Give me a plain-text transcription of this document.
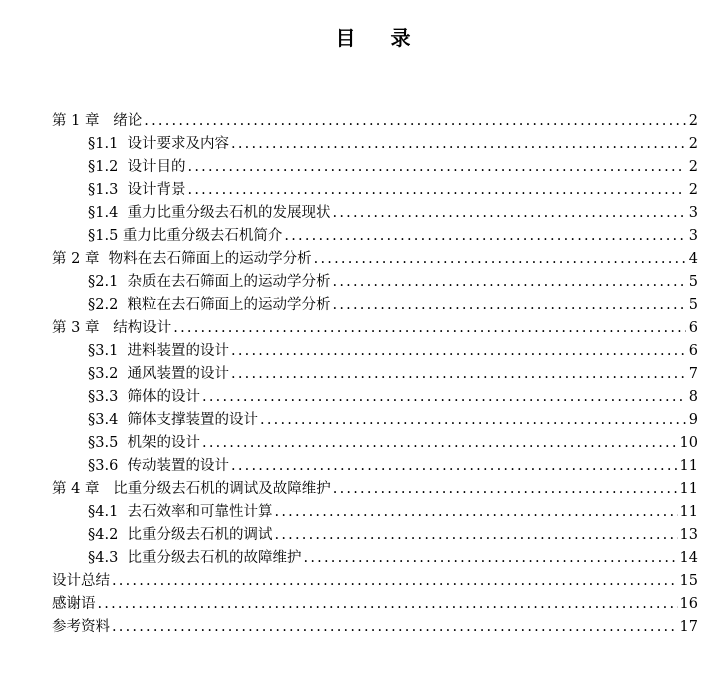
目 录
第 1 章   绪论 .....	2
§1.1  设计要求及内容 .....	2
§1.2  设计目的 .....	2
§1.3  设计背景 .....	2
§1.4  重力比重分级去石机的发展现状 .....	3
§1.5 重力比重分级去石机简介 .....	3
第 2 章  物料在去石筛面上的运动学分析 .....	4
§2.1  杂质在去石筛面上的运动学分析 .....	5
§2.2  粮粒在去石筛面上的运动学分析 .....	5
第 3 章   结构设计 .....	6
§3.1  进料装置的设计 .....	6
§3.2  通风装置的设计 .....	7
§3.3  筛体的设计 .....	8
§3.4  筛体支撑装置的设计 .....	9
§3.5  机架的设计 .....	10
§3.6  传动装置的设计 .....	11
第 4 章   比重分级去石机的调试及故障维护 .....	11
§4.1  去石效率和可靠性计算 .....	11
§4.2  比重分级去石机的调试 .....	13
§4.3  比重分级去石机的故障维护 .....	14
设计总结 .....	15
感谢语 .....	16
参考资料 .....	17
